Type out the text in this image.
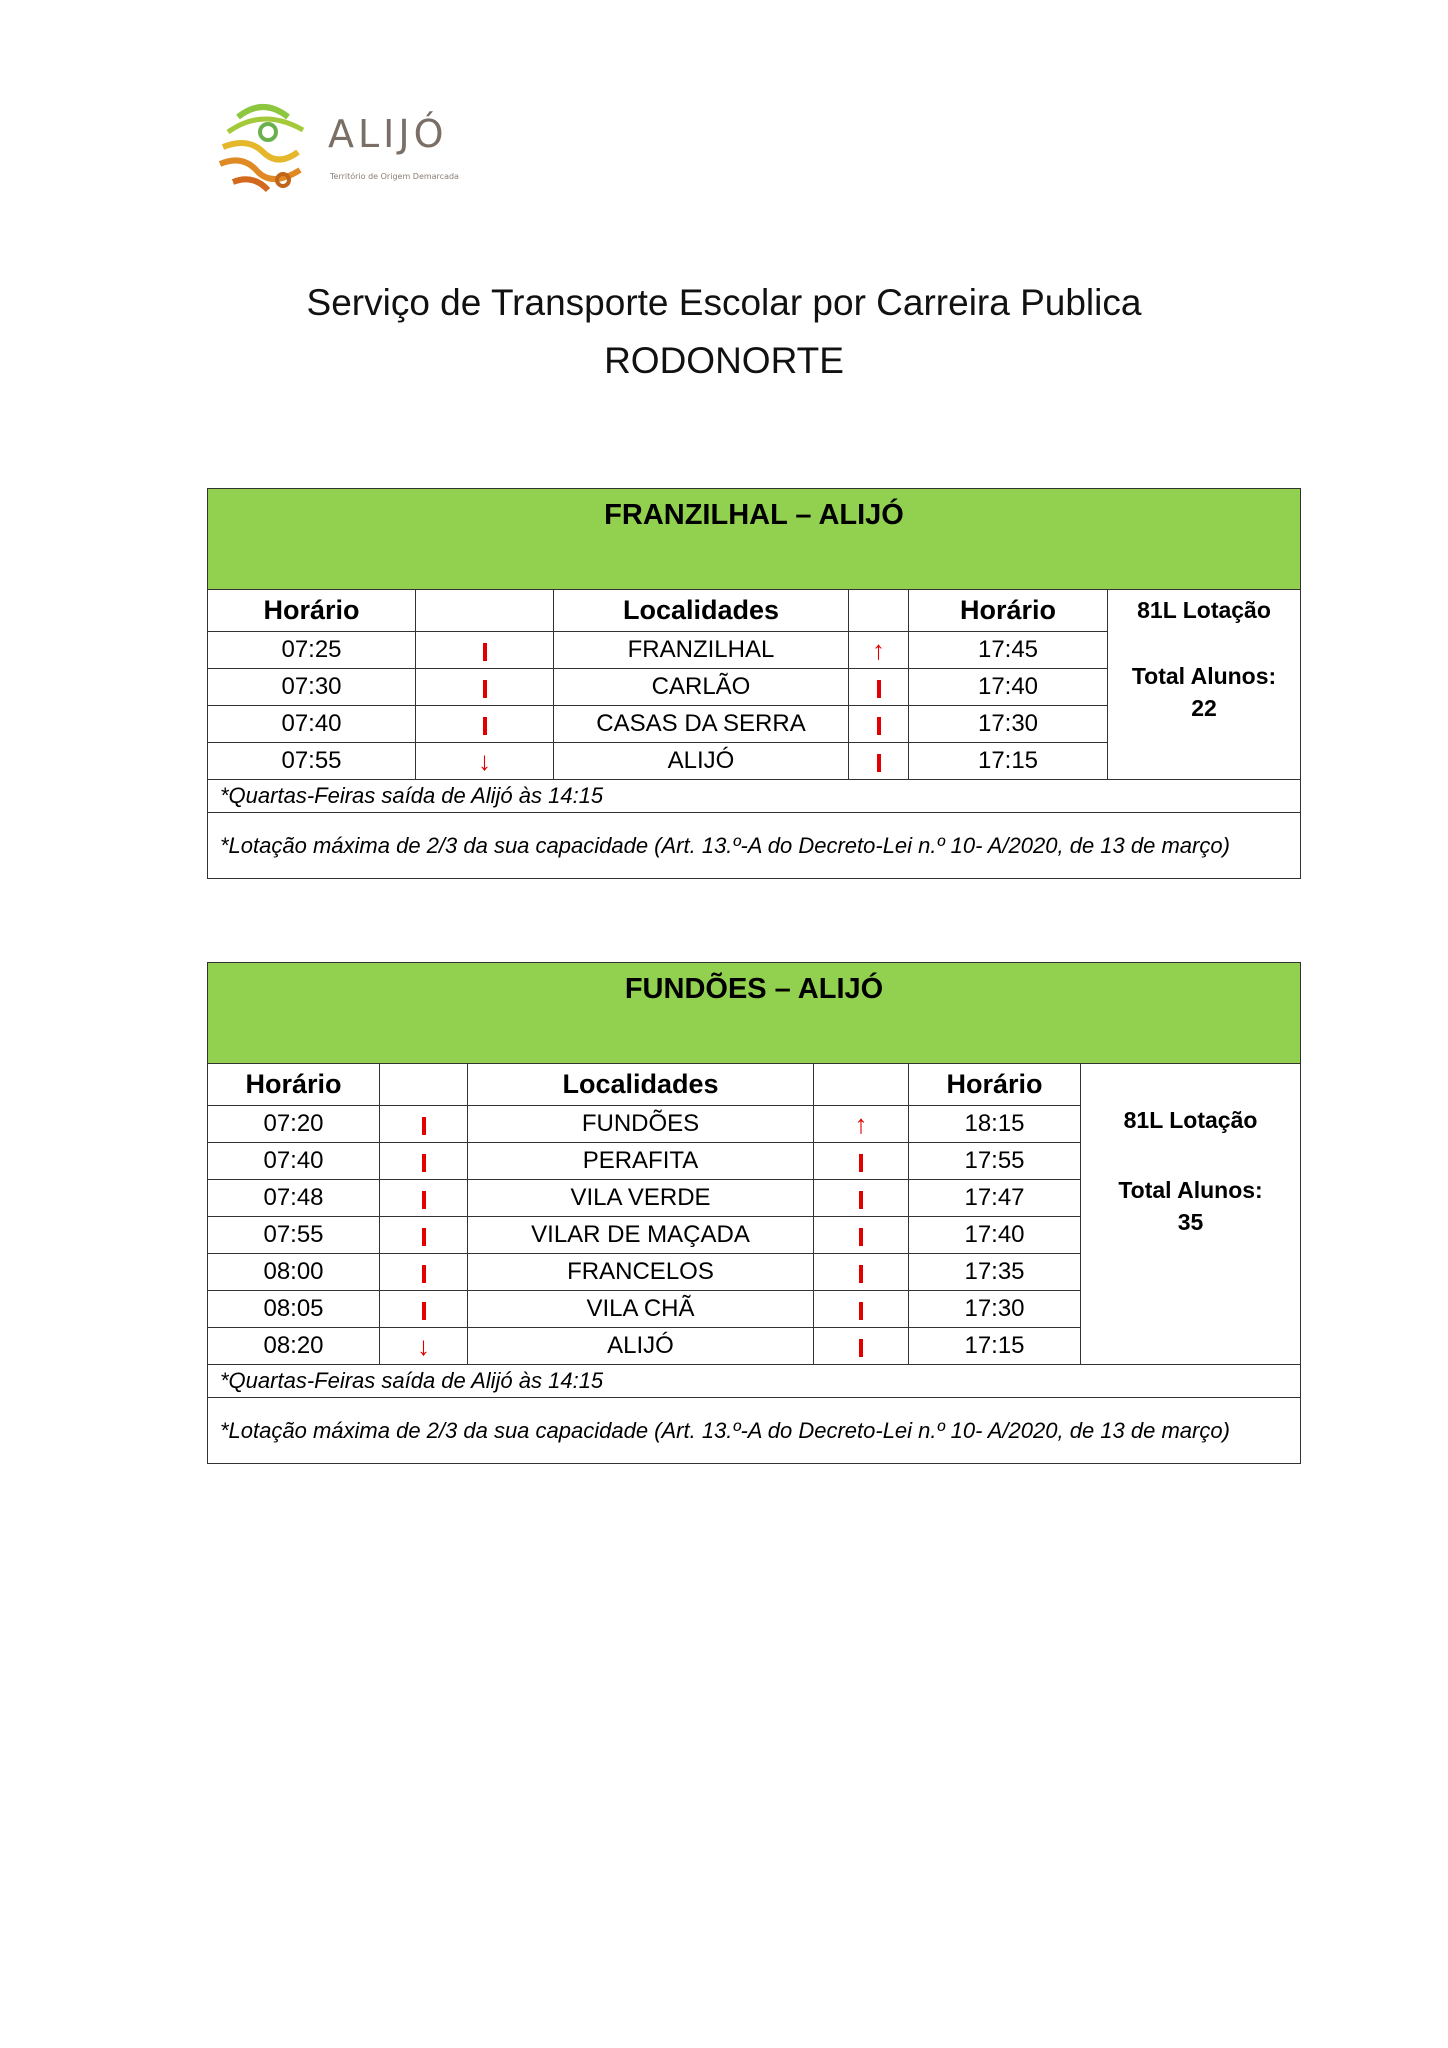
ALIJÓ
Território de Origem Demarcada
Serviço de Transporte Escolar por Carreira Publica
RODONORTE
FRANZILHAL – ALIJÓ					
Horário		Localidades		Horário	81L Lotação
Total Alunos:
22

07:25		FRANZILHAL	↑	17:45	
07:30		CARLÃO		17:40	
07:40		CASAS DA SERRA		17:30	
07:55	↓	ALIJÓ		17:15	
*Quartas-Feiras saída de Alijó às 14:15					
*Lotação máxima de 2/3 da sua capacidade (Art. 13.º-A do Decreto-Lei n.º 10- A/2020, de 13 de março)					
FUNDÕES – ALIJÓ					
Horário		Localidades		Horário	81L Lotação
Total Alunos:
35

07:20		FUNDÕES	↑	18:15	
07:40		PERAFITA		17:55	
07:48		VILA VERDE		17:47	
07:55		VILAR DE MAÇADA		17:40	
08:00		FRANCELOS		17:35	
08:05		VILA CHÃ		17:30	
08:20	↓	ALIJÓ		17:15	
*Quartas-Feiras saída de Alijó às 14:15					
*Lotação máxima de 2/3 da sua capacidade (Art. 13.º-A do Decreto-Lei n.º 10- A/2020, de 13 de março)					
